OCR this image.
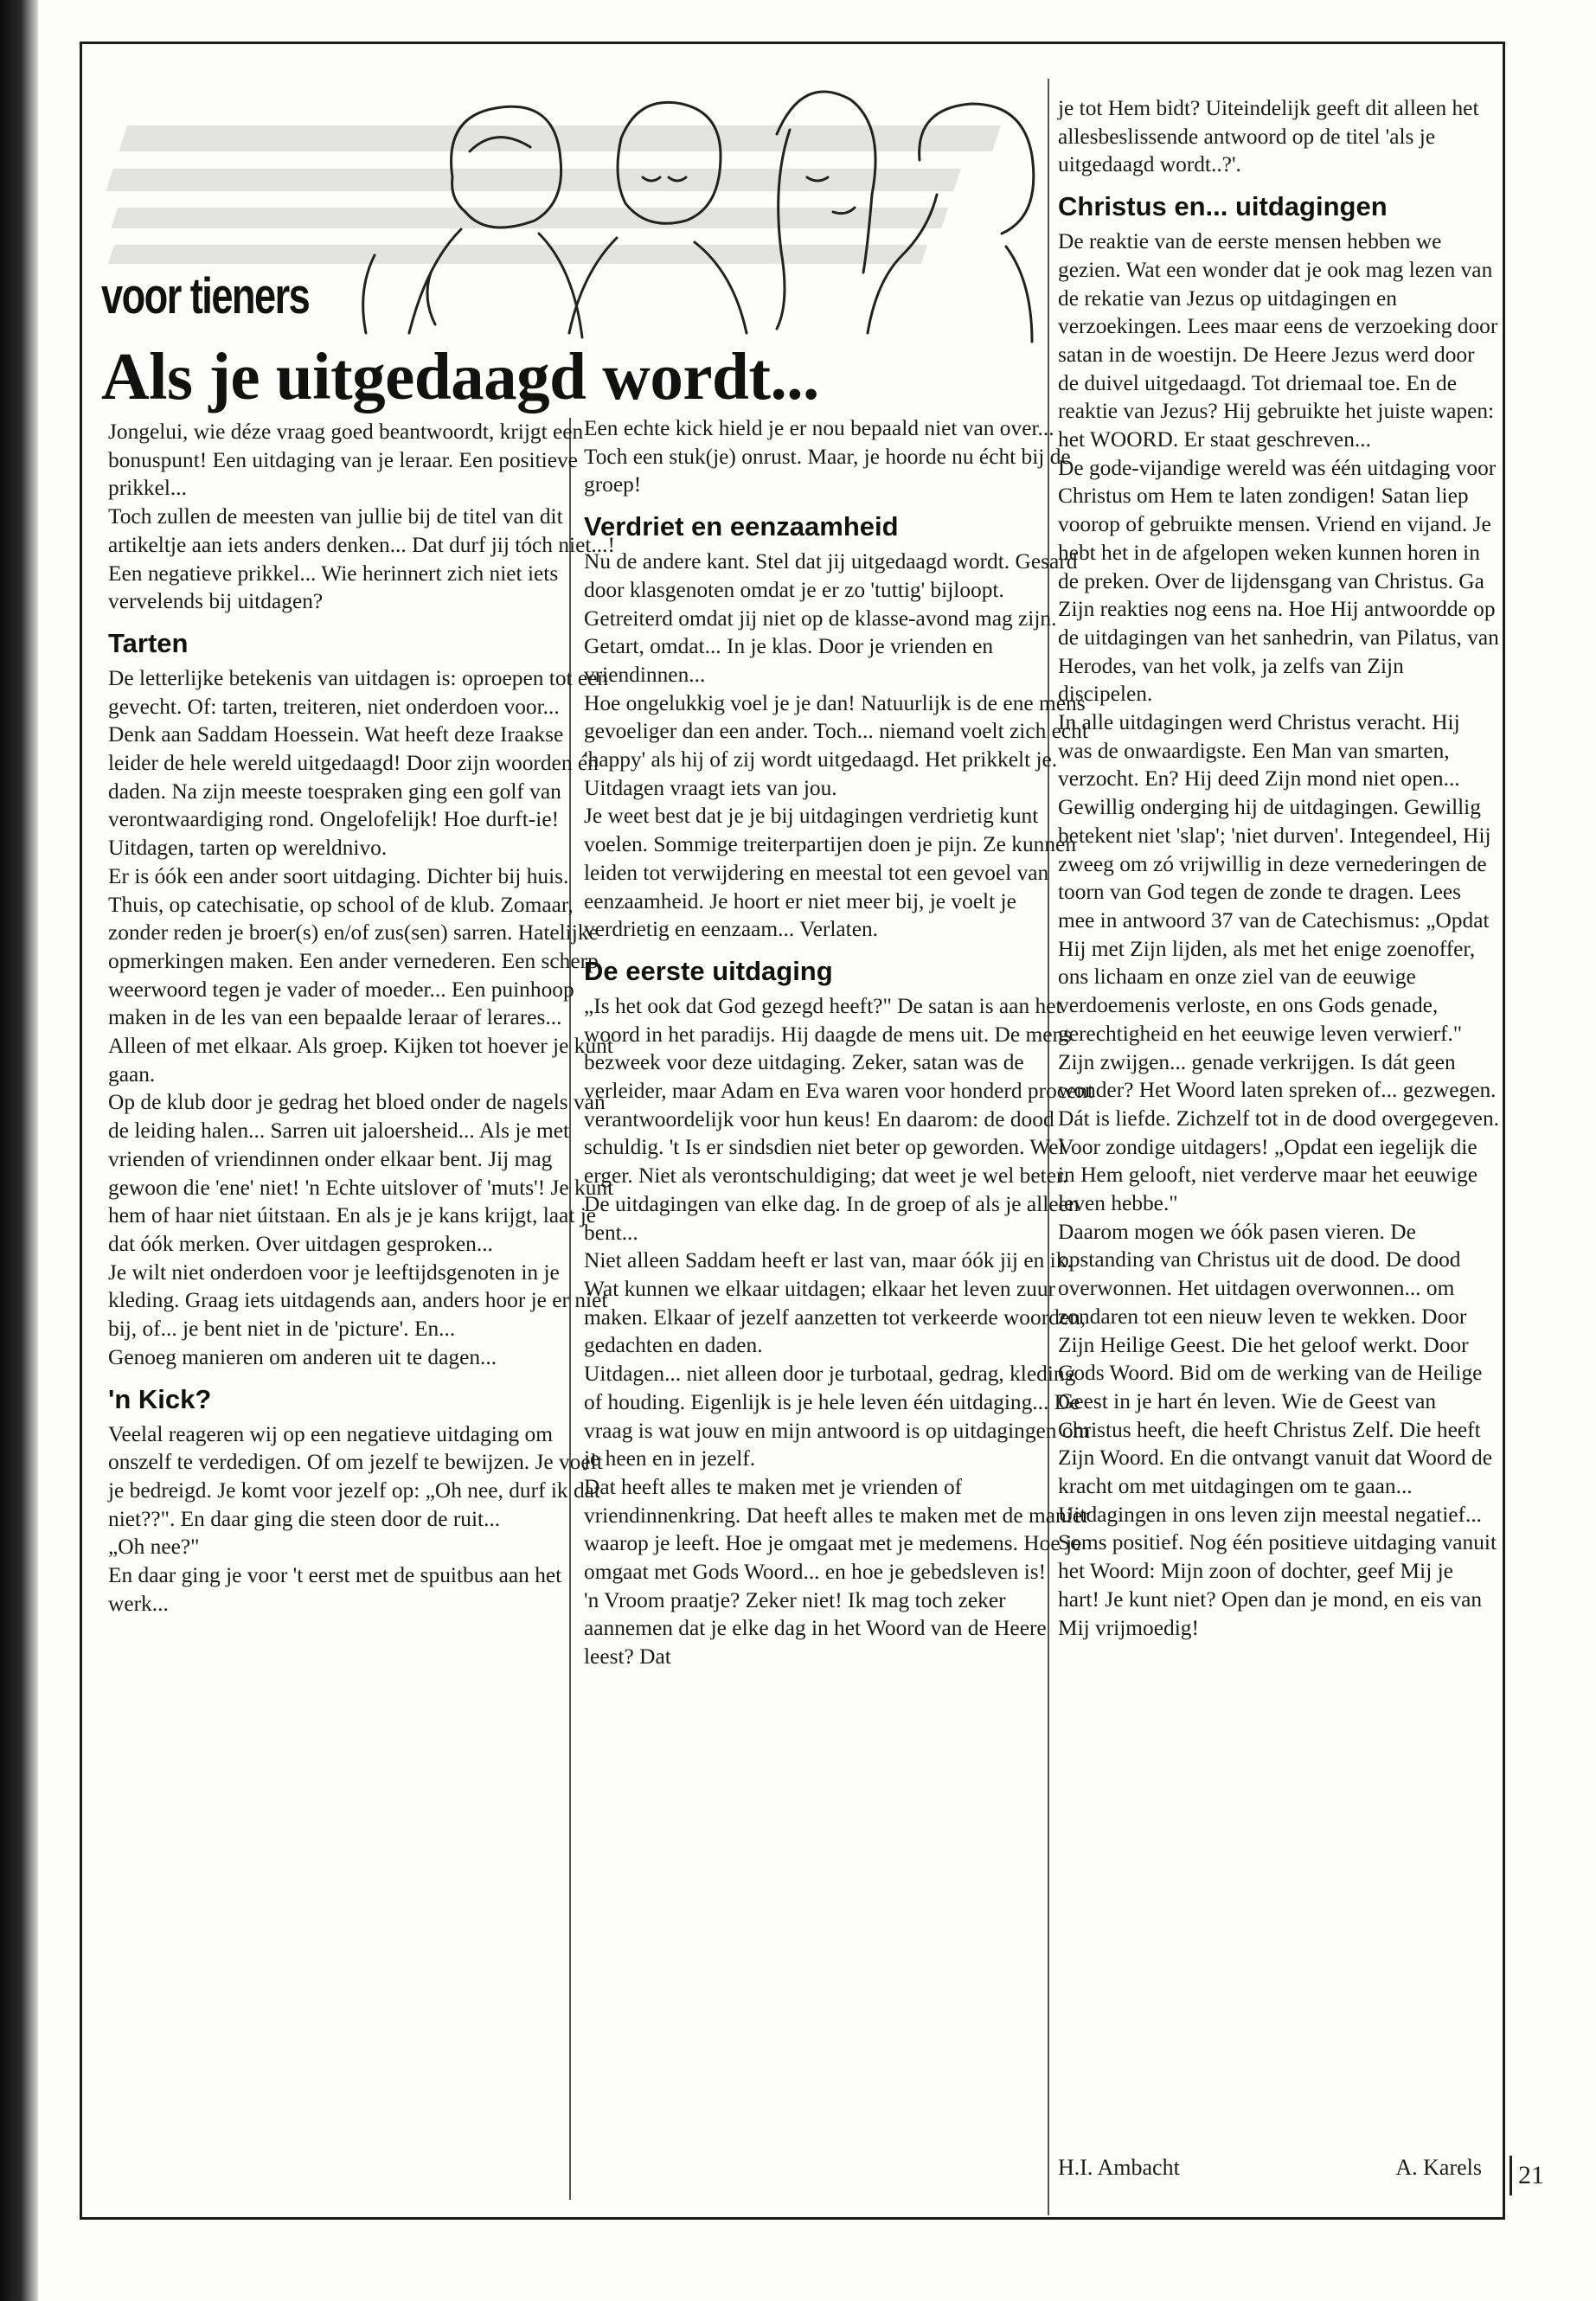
voor tieners
Als je uitgedaagd wordt...

Jongelui, wie déze vraag goed beantwoordt, krijgt een bonuspunt! Een uitdaging van je leraar. Een positieve prikkel...

Toch zullen de meesten van jullie bij de titel van dit artikeltje aan iets anders denken... Dat durf jij tóch niet...! Een negatieve prikkel... Wie herinnert zich niet iets vervelends bij uitdagen?

Tarten

De letterlijke betekenis van uitdagen is: oproepen tot een gevecht. Of: tarten, treiteren, niet onderdoen voor...

Denk aan Saddam Hoessein. Wat heeft deze Iraakse leider de hele wereld uitgedaagd! Door zijn woorden én daden. Na zijn meeste toespraken ging een golf van verontwaardiging rond. Ongelofelijk! Hoe durft-ie! Uitdagen, tarten op wereldnivo.

Er is óók een ander soort uitdaging. Dichter bij huis. Thuis, op catechisatie, op school of de klub. Zomaar, zonder reden je broer(s) en/of zus(sen) sarren. Hatelijke opmerkingen maken. Een ander vernederen. Een scherp weerwoord tegen je vader of moeder... Een puinhoop maken in de les van een bepaalde leraar of lerares... Alleen of met elkaar. Als groep. Kijken tot hoever je kunt gaan.

Op de klub door je gedrag het bloed onder de nagels van de leiding halen... Sarren uit jaloersheid... Als je met vrienden of vriendinnen onder elkaar bent. Jij mag gewoon die 'ene' niet! 'n Echte uitslover of 'muts'! Je kunt hem of haar niet úitstaan. En als je je kans krijgt, laat je dat óók merken. Over uitdagen gesproken...

Je wilt niet onderdoen voor je leeftijdsgenoten in je kleding. Graag iets uitdagends aan, anders hoor je er niet bij, of... je bent niet in de 'picture'. En...

Genoeg manieren om anderen uit te dagen...

'n Kick?

Veelal reageren wij op een negatieve uitdaging om onszelf te verdedigen. Of om jezelf te bewijzen. Je voelt je bedreigd. Je komt voor jezelf op: „Oh nee, durf ik dat niet??". En daar ging die steen door de ruit...

„Oh nee?"

En daar ging je voor 't eerst met de spuitbus aan het werk...

Een echte kick hield je er nou bepaald niet van over... Toch een stuk(je) onrust. Maar, je hoorde nu écht bij de groep!

Verdriet en eenzaamheid

Nu de andere kant. Stel dat jij uitgedaagd wordt. Gesard door klasgenoten omdat je er zo 'tuttig' bijloopt. Getreiterd omdat jij niet op de klasse-avond mag zijn. Getart, omdat... In je klas. Door je vrienden en vriendinnen...

Hoe ongelukkig voel je je dan! Natuurlijk is de ene mens gevoeliger dan een ander. Toch... niemand voelt zich echt 'happy' als hij of zij wordt uitgedaagd. Het prikkelt je. Uitdagen vraagt iets van jou.

Je weet best dat je je bij uitdagingen verdrietig kunt voelen. Sommige treiterpartijen doen je pijn. Ze kunnen leiden tot verwijdering en meestal tot een gevoel van eenzaamheid. Je hoort er niet meer bij, je voelt je verdrietig en eenzaam... Verlaten.

De eerste uitdaging

„Is het ook dat God gezegd heeft?" De satan is aan het woord in het paradijs. Hij daagde de mens uit. De mens bezweek voor deze uitdaging. Zeker, satan was de verleider, maar Adam en Eva waren voor honderd procent verantwoordelijk voor hun keus! En daarom: de dood schuldig. 't Is er sindsdien niet beter op geworden. Wel erger. Niet als verontschuldiging; dat weet je wel beter. De uitdagingen van elke dag. In de groep of als je alleen bent...

Niet alleen Saddam heeft er last van, maar óók jij en ik. Wat kunnen we elkaar uitdagen; elkaar het leven zuur maken. Elkaar of jezelf aanzetten tot verkeerde woorden, gedachten en daden.

Uitdagen... niet alleen door je turbotaal, gedrag, kleding of houding. Eigenlijk is je hele leven één uitdaging... De vraag is wat jouw en mijn antwoord is op uitdagingen om je heen en in jezelf.

Dat heeft alles te maken met je vrienden of vriendinnenkring. Dat heeft alles te maken met de manier waarop je leeft. Hoe je omgaat met je medemens. Hoe je omgaat met Gods Woord... en hoe je gebedsleven is!

'n Vroom praatje? Zeker niet! Ik mag toch zeker aannemen dat je elke dag in het Woord van de Heere leest? Dat

je tot Hem bidt? Uiteindelijk geeft dit alleen het allesbeslissende antwoord op de titel 'als je uitgedaagd wordt..?'.

Christus en... uitdagingen

De reaktie van de eerste mensen hebben we gezien. Wat een wonder dat je ook mag lezen van de rekatie van Jezus op uitdagingen en verzoekingen. Lees maar eens de verzoeking door satan in de woestijn. De Heere Jezus werd door de duivel uitgedaagd. Tot driemaal toe. En de reaktie van Jezus? Hij gebruikte het juiste wapen: het WOORD. Er staat geschreven...

De gode-vijandige wereld was één uitdaging voor Christus om Hem te laten zondigen! Satan liep voorop of gebruikte mensen. Vriend en vijand. Je hebt het in de afgelopen weken kunnen horen in de preken. Over de lijdensgang van Christus. Ga Zijn reakties nog eens na. Hoe Hij antwoordde op de uitdagingen van het sanhedrin, van Pilatus, van Herodes, van het volk, ja zelfs van Zijn discipelen.

In alle uitdagingen werd Christus veracht. Hij was de onwaardigste. Een Man van smarten, verzocht. En? Hij deed Zijn mond niet open... Gewillig onderging hij de uitdagingen. Gewillig betekent niet 'slap'; 'niet durven'. Integendeel, Hij zweeg om zó vrijwillig in deze vernederingen de toorn van God tegen de zonde te dragen. Lees mee in antwoord 37 van de Catechismus: „Opdat Hij met Zijn lijden, als met het enige zoenoffer, ons lichaam en onze ziel van de eeuwige verdoemenis verloste, en ons Gods genade, gerechtigheid en het eeuwige leven verwierf." Zijn zwijgen... genade verkrijgen. Is dát geen wonder? Het Woord laten spreken of... gezwegen. Dát is liefde. Zichzelf tot in de dood overgegeven. Voor zondige uitdagers! „Opdat een iegelijk die in Hem gelooft, niet verderve maar het eeuwige leven hebbe."

Daarom mogen we óók pasen vieren. De opstanding van Christus uit de dood. De dood overwonnen. Het uitdagen overwonnen... om zondaren tot een nieuw leven te wekken. Door Zijn Heilige Geest. Die het geloof werkt. Door Gods Woord. Bid om de werking van de Heilige Geest in je hart én leven. Wie de Geest van Christus heeft, die heeft Christus Zelf. Die heeft Zijn Woord. En die ontvangt vanuit dat Woord de kracht om met uitdagingen om te gaan...

Uitdagingen in ons leven zijn meestal negatief... Soms positief. Nog één positieve uitdaging vanuit het Woord: Mijn zoon of dochter, geef Mij je hart! Je kunt niet? Open dan je mond, en eis van Mij vrijmoedig!

H.I. Ambacht	A. Karels	21
